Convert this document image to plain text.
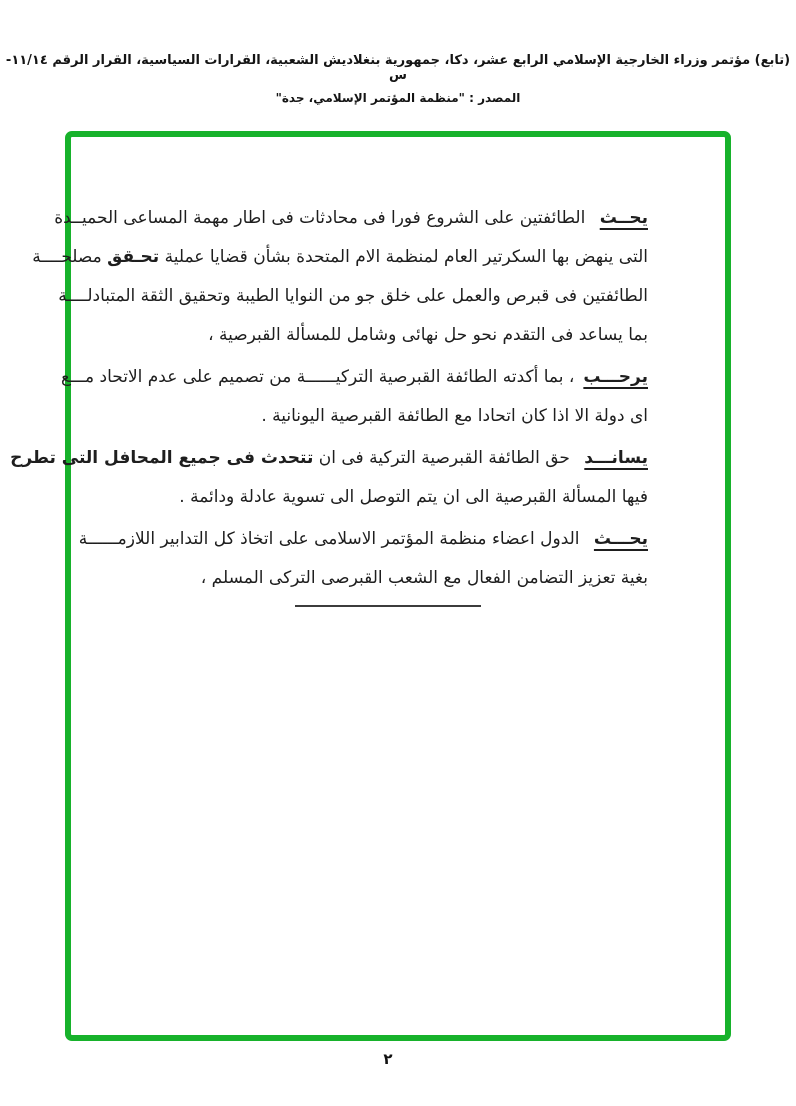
(تابع) مؤتمر وزراء الخارجية الإسلامي الرابع عشر، دكا، جمهورية بنغلاديش الشعبية، القرارات السياسية، القرار الرقم ١١/١٤- س
المصدر : "منظمة المؤتمر الإسلامي، جدة"
يحــث الطائفتين على الشروع فورا فى محادثات فى اطار مهمة المساعى الحميــدة
التى ينهض بها السكرتير العام لمنظمة الام المتحدة بشأن قضايا عملية تحـقق مصلحــــة
الطائفتين فى قبرص والعمل على خلق جو من النوايا الطيبة وتحقيق الثقة المتبادلــــة
بما يساعد فى التقدم نحو حل نهائى وشامل للمسألة القبرصية ،
يرحـــب، بما أكدته الطائفة القبرصية التركيــــــة من تصميم على عدم الاتحاد مـــع
اى دولة الا اذا كان اتحادا مع الطائفة القبرصية اليونانية .
يسانـــد حق الطائفة القبرصية التركية فى ان تتحدث فى جميع المحافل التى تطرح
فيها المسألة القبرصية الى ان يتم التوصل الى تسوية عادلة ودائمة .
يحـــث الدول اعضاء منظمة المؤتمر الاسلامى على اتخاذ كل التدابير اللازمــــــة
بغية تعزيز التضامن الفعال مع الشعب القبرصى التركى المسلم ،
٢
